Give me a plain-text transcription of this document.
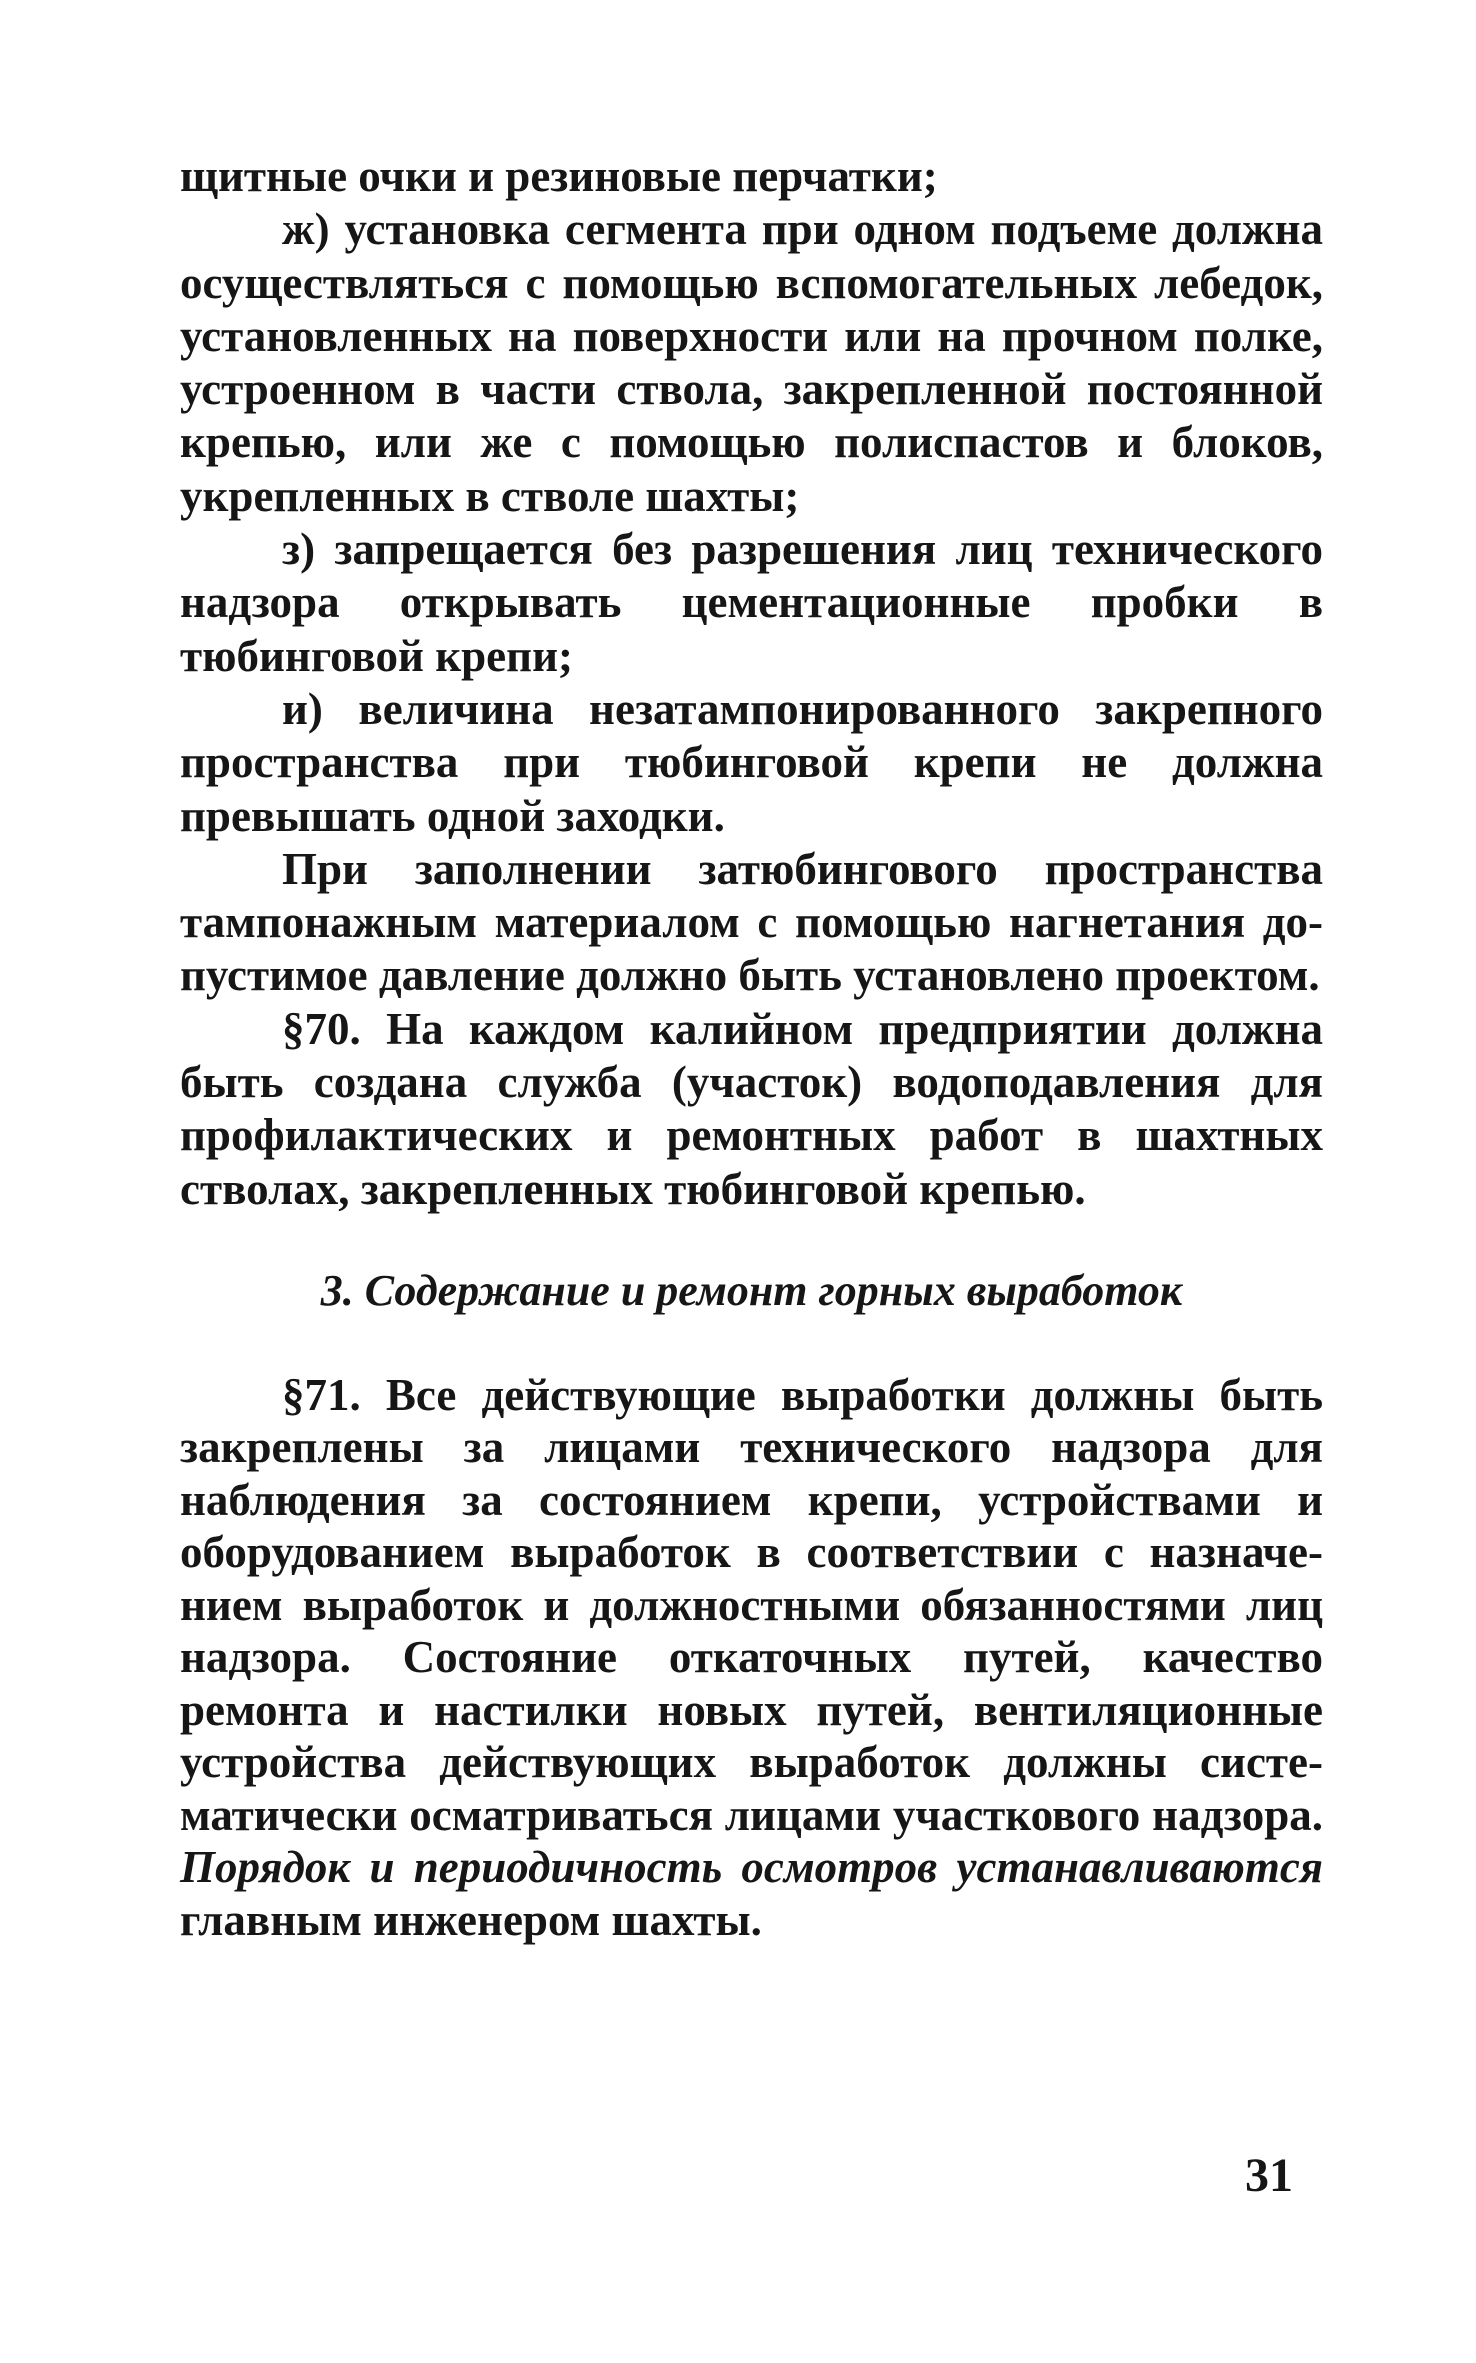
щитные очки и резиновые перчатки;

ж) установка сегмента при одном подъеме должна осуществляться с помощью вспомогательных лебедок, установленных на поверхности или на прочном полке, устроенном в части ствола, закрепленной постоянной крепью, или же с помощью полиспастов и блоков, укрепленных в стволе шахты;

з) запрещается без разрешения лиц технического надзора открывать цементационные пробки в тюбинговой крепи;

и) величина незатампонированного закрепного пространства при тюбинговой крепи не должна превышать одной заходки.

При заполнении затюбингового пространства тампонажным материалом с помощью нагнетания допустимое давление должно быть установлено проектом.

§70. На каждом калийном предприятии должна быть создана служба (участок) водоподавления для профилактических и ремонтных работ в шахтных стволах, закрепленных тюбинговой крепью.

3. Содержание и ремонт горных выработок

§71. Все действующие выработки должны быть закреплены за лицами технического надзора для наблюдения за состоянием крепи, устройствами и оборудованием выработок в соответствии с назначением выработок и должностными обязанностями лиц надзора. Состояние откаточных путей, качество ремонта и настилки новых путей, вентиляционные устройства действующих выработок должны систематически осматриваться лицами участкового надзора. Порядок и периодичность осмотров устанавливаются главным инженером шахты.

31
